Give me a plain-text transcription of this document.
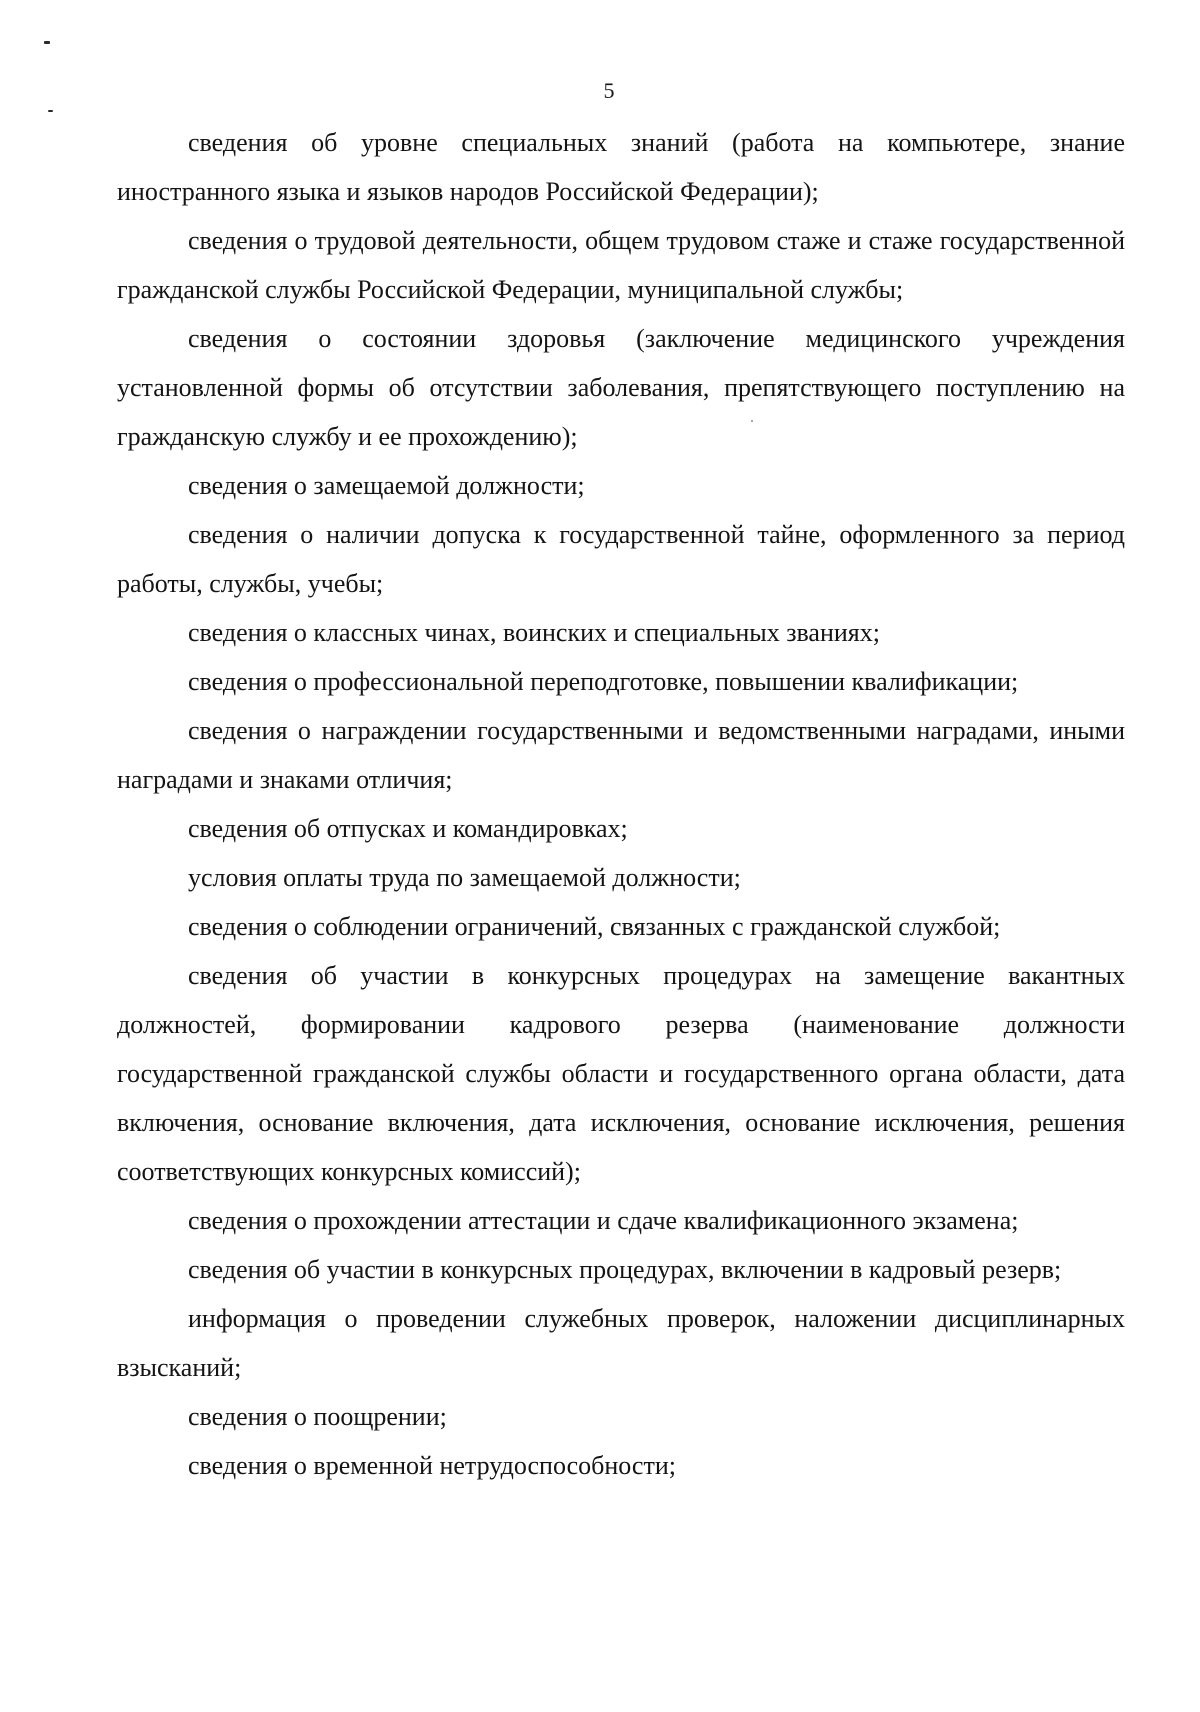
5

сведения об уровне специальных знаний (работа на компьютере, знание иностранного языка и языков народов Российской Федерации);

сведения о трудовой деятельности, общем трудовом стаже и стаже государственной гражданской службы Российской Федерации, муниципальной службы;

сведения о состоянии здоровья (заключение медицинского учреждения установленной формы об отсутствии заболевания, препятствующего поступлению на гражданскую службу и ее прохождению);

сведения о замещаемой должности;

сведения о наличии допуска к государственной тайне, оформленного за период работы, службы, учебы;

сведения о классных чинах, воинских и специальных званиях;

сведения о профессиональной переподготовке, повышении квалификации;

сведения о награждении государственными и ведомственными наградами, иными наградами и знаками отличия;

сведения об отпусках и командировках;

условия оплаты труда по замещаемой должности;

сведения о соблюдении ограничений, связанных с гражданской службой;

сведения об участии в конкурсных процедурах на замещение вакантных должностей, формировании кадрового резерва (наименование должности государственной гражданской службы области и государственного органа области, дата включения, основание включения, дата исключения, основание исключения, решения соответствующих конкурсных комиссий);

сведения о прохождении аттестации и сдаче квалификационного экзамена;

сведения об участии в конкурсных процедурах, включении в кадровый резерв;

информация о проведении служебных проверок, наложении дисциплинарных взысканий;

сведения о поощрении;

сведения о временной нетрудоспособности;
